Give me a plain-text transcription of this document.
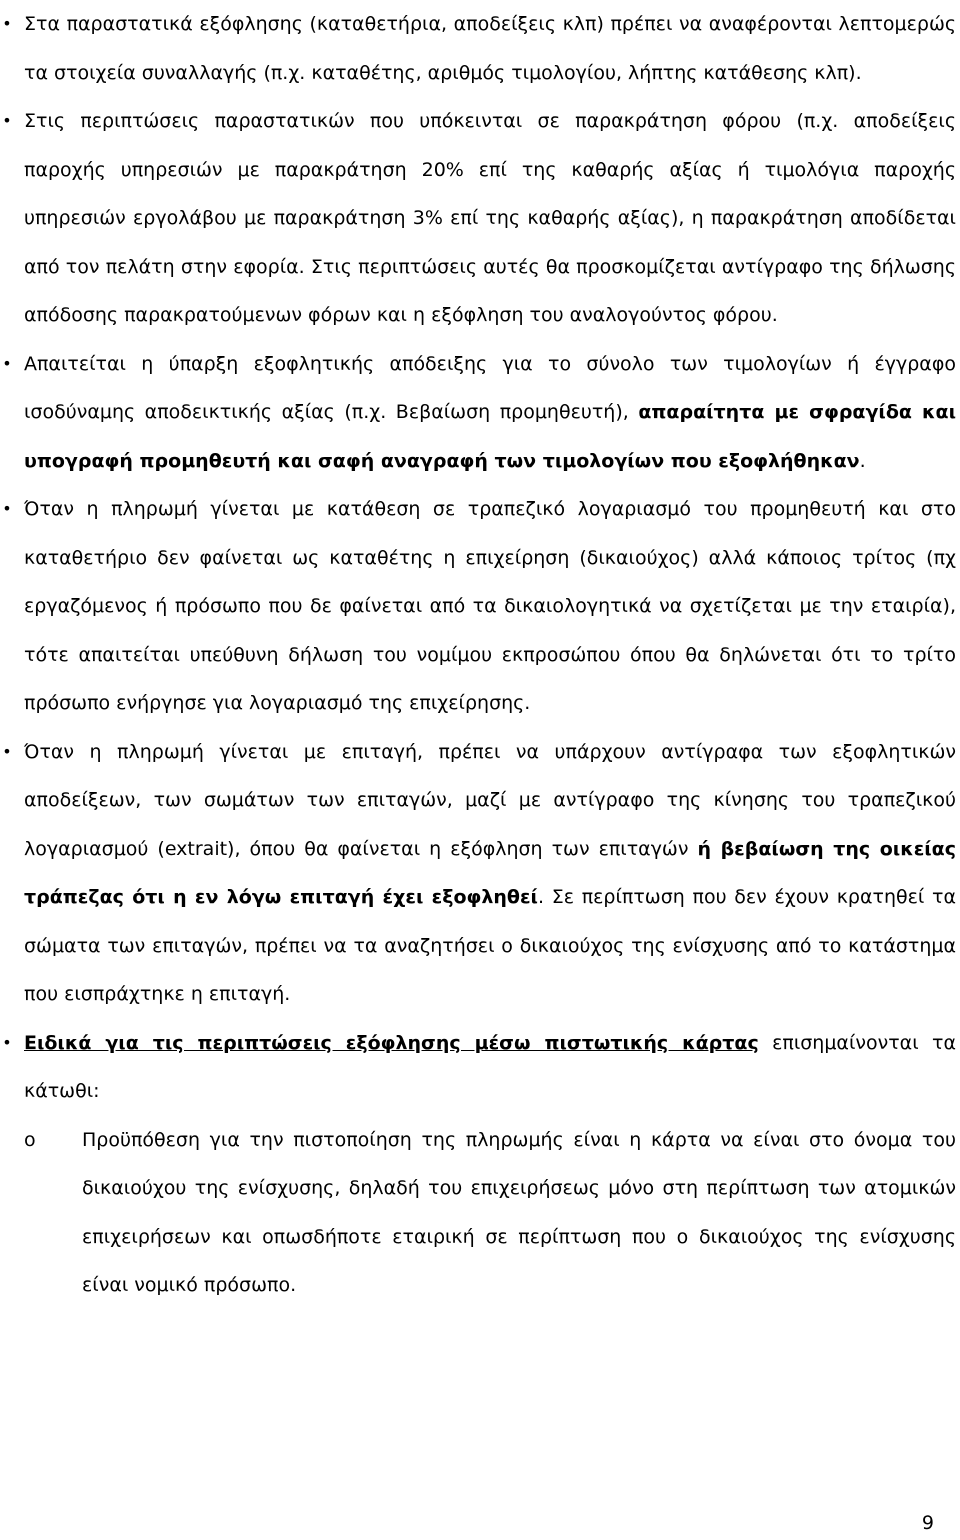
• Στα παραστατικά εξόφλησης (καταθετήρια, αποδείξεις κλπ) πρέπει να αναφέρονται λεπτομερώς τα στοιχεία συναλλαγής (π.χ. καταθέτης, αριθμός τιμολογίου, λήπτης κατάθεσης κλπ).
• Στις περιπτώσεις παραστατικών που υπόκεινται σε παρακράτηση φόρου (π.χ. αποδείξεις παροχής υπηρεσιών με παρακράτηση 20% επί της καθαρής αξίας ή τιμολόγια παροχής υπηρεσιών εργολάβου με παρακράτηση 3% επί της καθαρής αξίας), η παρακράτηση αποδίδεται από τον πελάτη στην εφορία. Στις περιπτώσεις αυτές θα προσκομίζεται αντίγραφο της δήλωσης απόδοσης παρακρατούμενων φόρων και η εξόφληση του αναλογούντος φόρου.
• Απαιτείται η ύπαρξη εξοφλητικής απόδειξης για το σύνολο των τιμολογίων ή έγγραφο ισοδύναμης αποδεικτικής αξίας (π.χ. Βεβαίωση προμηθευτή), απαραίτητα με σφραγίδα και υπογραφή προμηθευτή και σαφή αναγραφή των τιμολογίων που εξοφλήθηκαν.
• Όταν η πληρωμή γίνεται με κατάθεση σε τραπεζικό λογαριασμό του προμηθευτή και στο καταθετήριο δεν φαίνεται ως καταθέτης η επιχείρηση (δικαιούχος) αλλά κάποιος τρίτος (πχ εργαζόμενος ή πρόσωπο που δε φαίνεται από τα δικαιολογητικά να σχετίζεται με την εταιρία), τότε απαιτείται υπεύθυνη δήλωση του νομίμου εκπροσώπου όπου θα δηλώνεται ότι το τρίτο πρόσωπο ενήργησε για λογαριασμό της επιχείρησης.
• Όταν η πληρωμή γίνεται με επιταγή, πρέπει να υπάρχουν αντίγραφα των εξοφλητικών αποδείξεων, των σωμάτων των επιταγών, μαζί με αντίγραφο της κίνησης του τραπεζικού λογαριασμού (extrait), όπου θα φαίνεται η εξόφληση των επιταγών ή βεβαίωση της οικείας τράπεζας ότι η εν λόγω επιταγή έχει εξοφληθεί. Σε περίπτωση που δεν έχουν κρατηθεί τα σώματα των επιταγών, πρέπει να τα αναζητήσει ο δικαιούχος της ενίσχυσης από το κατάστημα που εισπράχτηκε η επιταγή.
• Ειδικά για τις περιπτώσεις εξόφλησης μέσω πιστωτικής κάρτας επισημαίνονται τα κάτωθι:
o Προϋπόθεση για την πιστοποίηση της πληρωμής είναι η κάρτα να είναι στο όνομα του δικαιούχου της ενίσχυσης, δηλαδή του επιχειρήσεως μόνο στη περίπτωση των ατομικών επιχειρήσεων και οπωσδήποτε εταιρική σε περίπτωση που ο δικαιούχος της ενίσχυσης είναι νομικό πρόσωπο.
9
